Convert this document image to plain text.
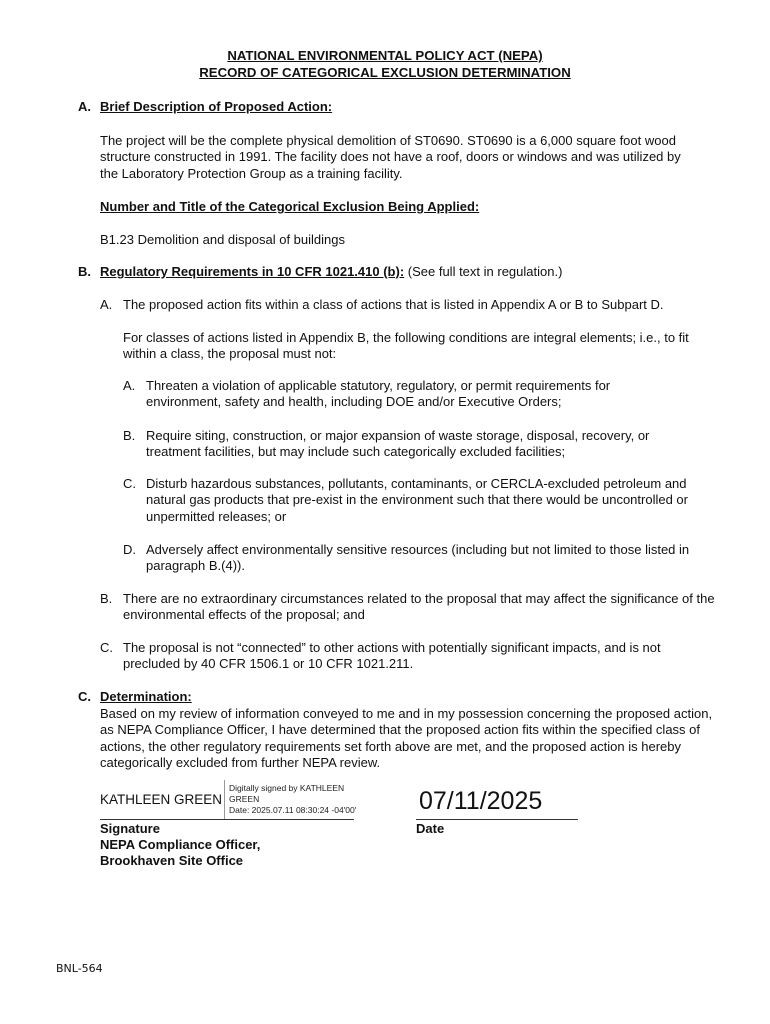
NATIONAL ENVIRONMENTAL POLICY ACT (NEPA)
RECORD OF CATEGORICAL EXCLUSION DETERMINATION
A. Brief Description of Proposed Action:
The project will be the complete physical demolition of ST0690. ST0690 is a 6,000 square foot wood structure constructed in 1991. The facility does not have a roof, doors or windows and was utilized by the Laboratory Protection Group as a training facility.
Number and Title of the Categorical Exclusion Being Applied:
B1.23 Demolition and disposal of buildings
B. Regulatory Requirements in 10 CFR 1021.410 (b): (See full text in regulation.)
A. The proposed action fits within a class of actions that is listed in Appendix A or B to Subpart D.
For classes of actions listed in Appendix B, the following conditions are integral elements; i.e., to fit within a class, the proposal must not:
A. Threaten a violation of applicable statutory, regulatory, or permit requirements for environment, safety and health, including DOE and/or Executive Orders;
B. Require siting, construction, or major expansion of waste storage, disposal, recovery, or treatment facilities, but may include such categorically excluded facilities;
C. Disturb hazardous substances, pollutants, contaminants, or CERCLA-excluded petroleum and natural gas products that pre-exist in the environment such that there would be uncontrolled or unpermitted releases; or
D. Adversely affect environmentally sensitive resources (including but not limited to those listed in paragraph B.(4)).
B. There are no extraordinary circumstances related to the proposal that may affect the significance of the environmental effects of the proposal; and
C. The proposal is not “connected” to other actions with potentially significant impacts, and is not precluded by 40 CFR 1506.1 or 10 CFR 1021.211.
C. Determination:
Based on my review of information conveyed to me and in my possession concerning the proposed action, as NEPA Compliance Officer, I have determined that the proposed action fits within the specified class of actions, the other regulatory requirements set forth above are met, and the proposed action is hereby categorically excluded from further NEPA review.
KATHLEEN GREEN
Digitally signed by KATHLEEN
GREEN
Date: 2025.07.11 08:30:24 -04'00'	07/11/2025
Signature
NEPA Compliance Officer,
Brookhaven Site Office
Date
BNL-564
